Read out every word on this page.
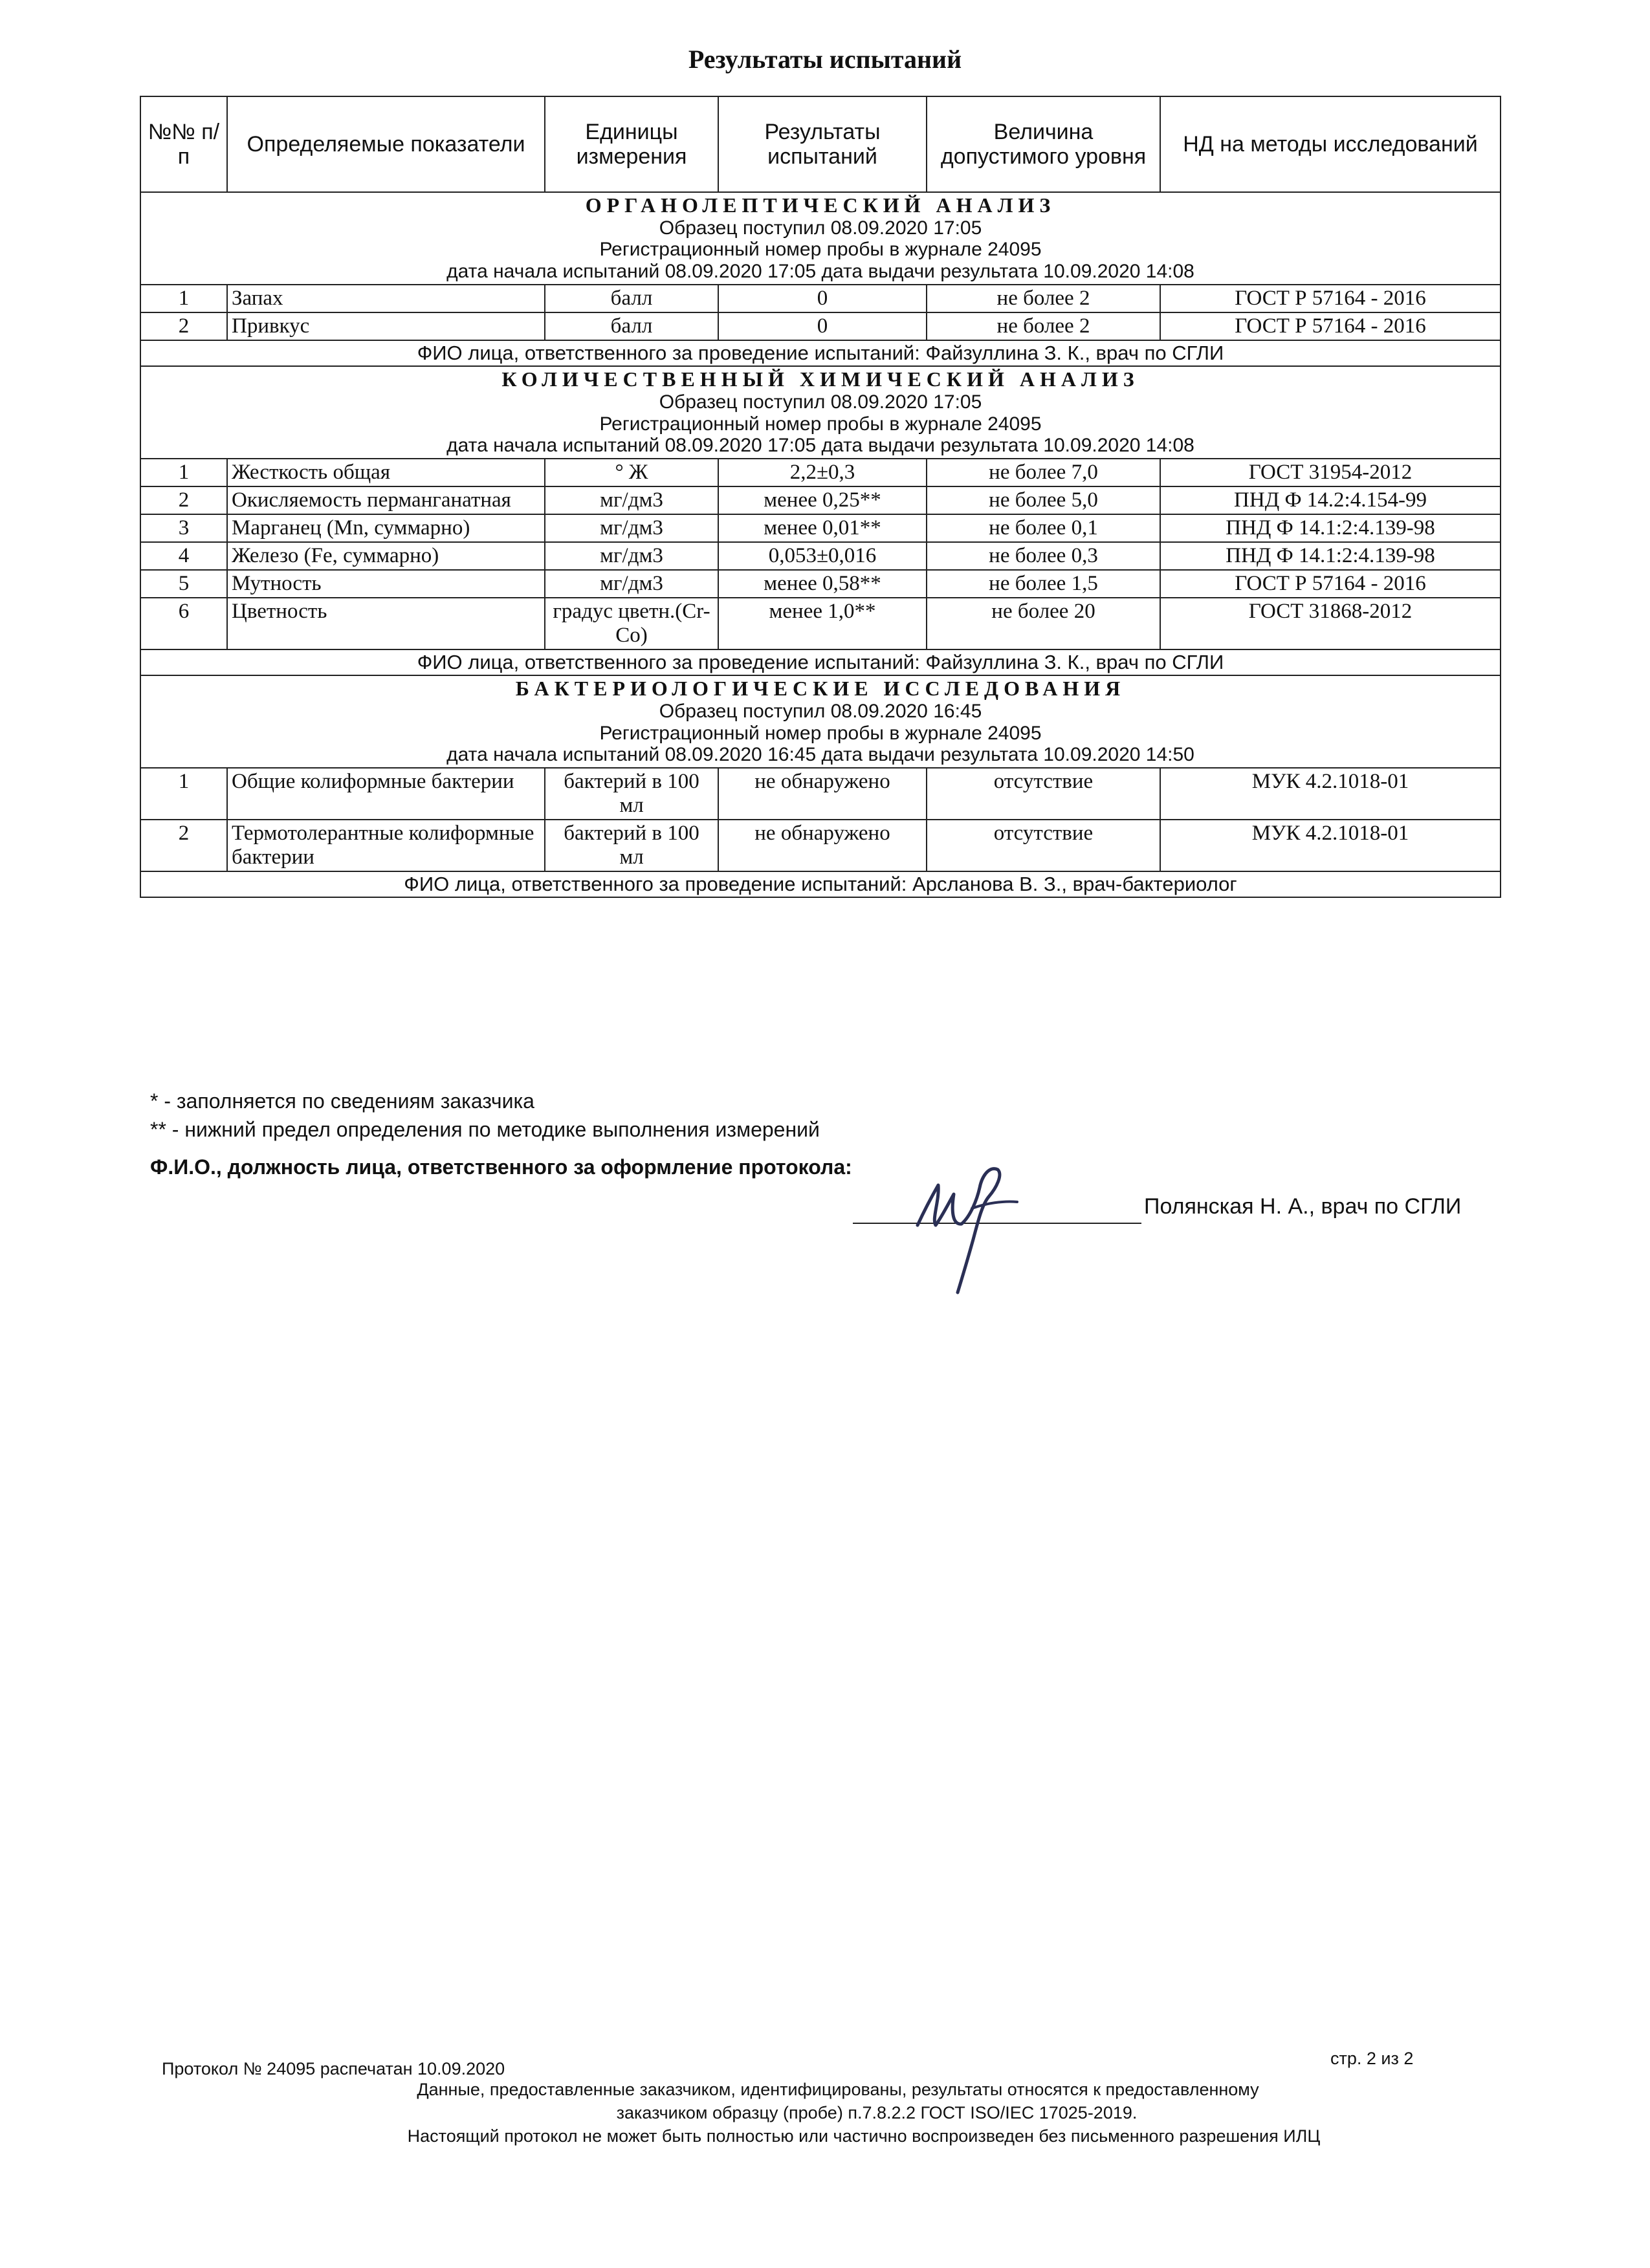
Результаты испытаний
№№ п/п	Определяемые показатели	Единицы измерения	Результаты испытаний	Величина допустимого уровня	НД на методы исследований

ОРГАНОЛЕПТИЧЕСКИЙ АНАЛИЗ
Образец поступил 08.09.2020 17:05
Регистрационный номер пробы в журнале 24095
дата начала испытаний 08.09.2020 17:05 дата выдачи результата 10.09.2020 14:08					

1	Запах	балл	0	не более 2	ГОСТ Р 57164 - 2016
2	Привкус	балл	0	не более 2	ГОСТ Р 57164 - 2016
ФИО лица, ответственного за проведение испытаний: Файзуллина З. К., врач по СГЛИ					

КОЛИЧЕСТВЕННЫЙ ХИМИЧЕСКИЙ АНАЛИЗ
Образец поступил 08.09.2020 17:05
Регистрационный номер пробы в журнале 24095
дата начала испытаний 08.09.2020 17:05 дата выдачи результата 10.09.2020 14:08					

1	Жесткость общая	° Ж	2,2±0,3	не более 7,0	ГОСТ 31954-2012
2	Окисляемость перманганатная	мг/дм3	менее 0,25**	не более 5,0	ПНД Ф 14.2:4.154-99
3	Марганец (Mn, суммарно)	мг/дм3	менее 0,01**	не более 0,1	ПНД Ф 14.1:2:4.139-98
4	Железо (Fe, суммарно)	мг/дм3	0,053±0,016	не более 0,3	ПНД Ф 14.1:2:4.139-98
5	Мутность	мг/дм3	менее 0,58**	не более 1,5	ГОСТ Р 57164 - 2016
6	Цветность	градус цветн.(Cr-Co)	менее 1,0**	не более 20	ГОСТ 31868-2012
ФИО лица, ответственного за проведение испытаний: Файзуллина З. К., врач по СГЛИ					

БАКТЕРИОЛОГИЧЕСКИЕ ИССЛЕДОВАНИЯ
Образец поступил 08.09.2020 16:45
Регистрационный номер пробы в журнале 24095
дата начала испытаний 08.09.2020 16:45 дата выдачи результата 10.09.2020 14:50					

1	Общие колиформные бактерии	бактерий в 100 мл	не обнаружено	отсутствие	МУК 4.2.1018-01
2	Термотолерантные колиформные бактерии	бактерий в 100 мл	не обнаружено	отсутствие	МУК 4.2.1018-01
ФИО лица, ответственного за проведение испытаний: Арсланова В. З., врач-бактериолог					
* - заполняется по сведениям заказчика
** - нижний предел определения по методике выполнения измерений
Ф.И.О., должность лица, ответственного за оформление протокола:
Полянская Н. А., врач по СГЛИ
Протокол № 24095 распечатан 10.09.2020
стр. 2 из 2
Данные, предоставленные заказчиком, идентифицированы, результаты относятся к предоставленному
заказчиком образцу (пробе) п.7.8.2.2 ГОСТ ISO/IEC 17025-2019.
Настоящий протокол не может быть полностью или частично воспроизведен без письменного разрешения ИЛЦ
